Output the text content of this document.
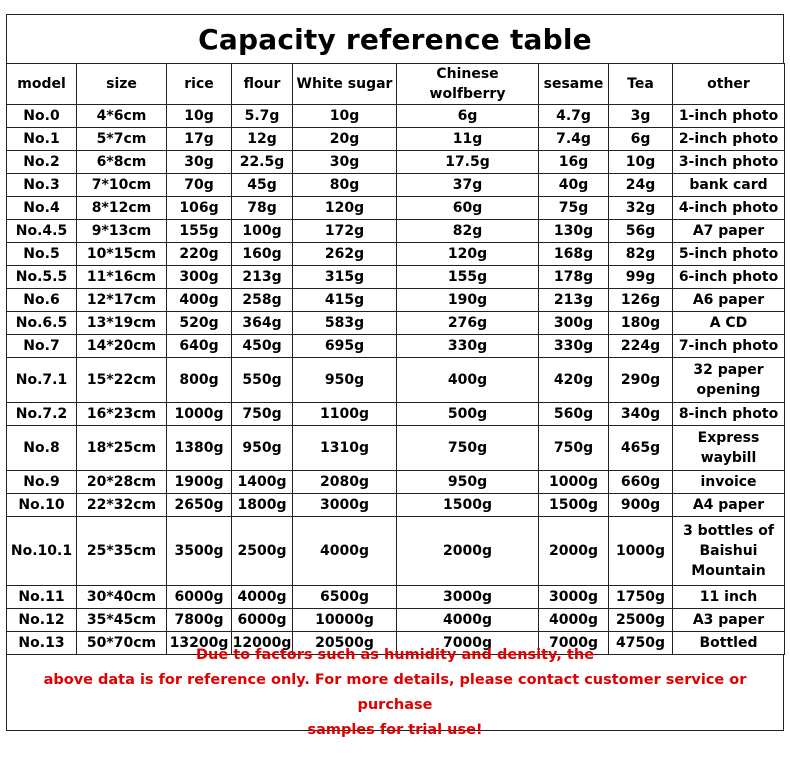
Capacity reference table
model	size	rice	flour	White sugar	Chinese wolfberry	sesame	Tea	other
No.0	4*6cm	10g	5.7g	10g	6g	4.7g	3g	1-inch photo
No.1	5*7cm	17g	12g	20g	11g	7.4g	6g	2-inch photo
No.2	6*8cm	30g	22.5g	30g	17.5g	16g	10g	3-inch photo
No.3	7*10cm	70g	45g	80g	37g	40g	24g	bank card
No.4	8*12cm	106g	78g	120g	60g	75g	32g	4-inch photo
No.4.5	9*13cm	155g	100g	172g	82g	130g	56g	A7 paper
No.5	10*15cm	220g	160g	262g	120g	168g	82g	5-inch photo
No.5.5	11*16cm	300g	213g	315g	155g	178g	99g	6-inch photo
No.6	12*17cm	400g	258g	415g	190g	213g	126g	A6 paper
No.6.5	13*19cm	520g	364g	583g	276g	300g	180g	A CD
No.7	14*20cm	640g	450g	695g	330g	330g	224g	7-inch photo
No.7.1	15*22cm	800g	550g	950g	400g	420g	290g	32 paper opening
No.7.2	16*23cm	1000g	750g	1100g	500g	560g	340g	8-inch photo
No.8	18*25cm	1380g	950g	1310g	750g	750g	465g	Express waybill
No.9	20*28cm	1900g	1400g	2080g	950g	1000g	660g	invoice
No.10	22*32cm	2650g	1800g	3000g	1500g	1500g	900g	A4 paper
No.10.1	25*35cm	3500g	2500g	4000g	2000g	2000g	1000g	3 bottles of Baishui Mountain
No.11	30*40cm	6000g	4000g	6500g	3000g	3000g	1750g	11 inch
No.12	35*45cm	7800g	6000g	10000g	4000g	4000g	2500g	A3 paper
No.13	50*70cm	13200g	12000g	20500g	7000g	7000g	4750g	Bottled
Due to factors such as humidity and density, the
above data is for reference only. For more details, please contact customer service or purchase
samples for trial use!
